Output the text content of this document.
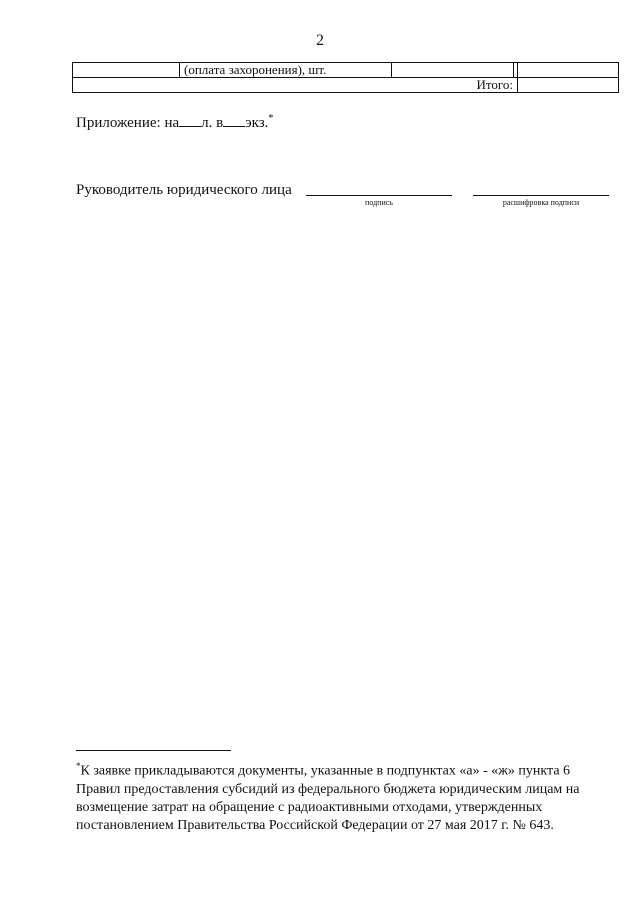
2
	(оплата захоронения), шт.			
Итого:				
Приложение: на л. в экз.*
Руководитель юридического лица
подпись	расшифровка подписи
*К заявке прикладываются документы, указанные в подпунктах «а» - «ж» пункта 6 Правил предоставления субсидий из федерального бюджета юридическим лицам на возмещение затрат на обращение с радиоактивными отходами, утвержденных постановлением Правительства Российской Федерации от 27 мая 2017 г. № 643.
